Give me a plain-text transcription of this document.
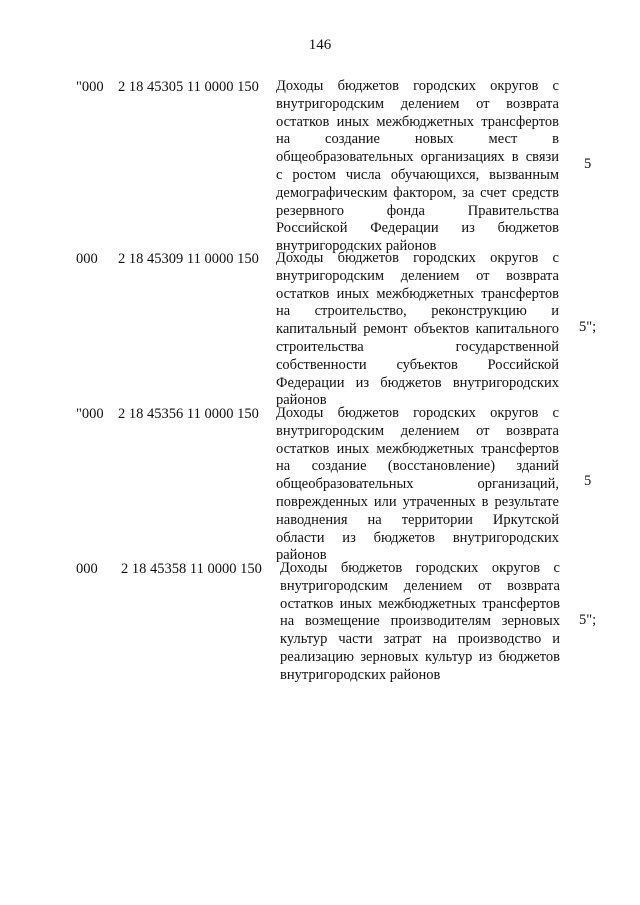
146
"000 2 18 45305 11 0000 150 Доходы бюджетов городских округов с
внутригородским делением от возврата
остатков иных межбюджетных трансфертов
на создание новых мест в
общеобразовательных организациях в связи
с ростом числа обучающихся, вызванным
демографическим фактором, за счет средств
резервного фонда Правительства
Российской Федерации из бюджетов
внутригородских районов
5
000 2 18 45309 11 0000 150 Доходы бюджетов городских округов с
внутригородским делением от возврата
остатков иных межбюджетных трансфертов
на строительство, реконструкцию и
капитальный ремонт объектов капитального
строительства государственной
собственности субъектов Российской
Федерации из бюджетов внутригородских
районов
5";
"000 2 18 45356 11 0000 150 Доходы бюджетов городских округов с
внутригородским делением от возврата
остатков иных межбюджетных трансфертов
на создание (восстановление) зданий
общеобразовательных организаций,
поврежденных или утраченных в результате
наводнения на территории Иркутской
области из бюджетов внутригородских
районов
5
000 2 18 45358 11 0000 150 Доходы бюджетов городских округов с
внутригородским делением от возврата
остатков иных межбюджетных трансфертов
на возмещение производителям зерновых
культур части затрат на производство и
реализацию зерновых культур из бюджетов
внутригородских районов
5";
